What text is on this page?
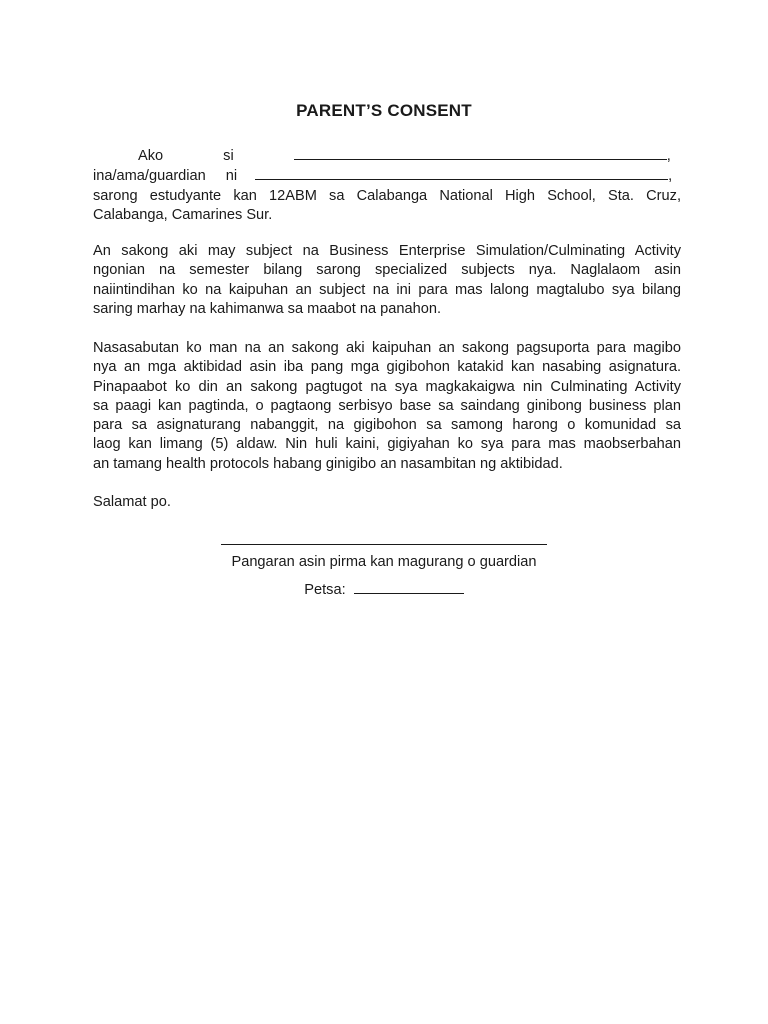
PARENT’S CONSENT
Ako	si	,
ina/ama/guardian ni	,
sarong estudyante kan 12ABM sa Calabanga National High School, Sta. Cruz,
Calabanga, Camarines Sur.
An sakong aki may subject na Business Enterprise Simulation/Culminating Activity
ngonian na semester bilang sarong specialized subjects nya. Naglalaom asin
naiintindihan ko na kaipuhan an subject na ini para mas lalong magtalubo sya bilang
saring marhay na kahimanwa sa maabot na panahon.
Nasasabutan ko man na an sakong aki kaipuhan an sakong pagsuporta para magibo
nya an mga aktibidad asin iba pang mga gigibohon katakid kan nasabing asignatura.
Pinapaabot ko din an sakong pagtugot na sya magkakaigwa nin Culminating Activity
sa paagi kan pagtinda, o pagtaong serbisyo base sa saindang ginibong business plan
para sa asignaturang nabanggit, na gigibohon sa samong harong o komunidad sa
laog kan limang (5) aldaw. Nin huli kaini, gigiyahan ko sya para mas maobserbahan
an tamang health protocols habang ginigibo an nasambitan ng aktibidad.
Salamat po.
Pangaran asin pirma kan magurang o guardian
Petsa:
